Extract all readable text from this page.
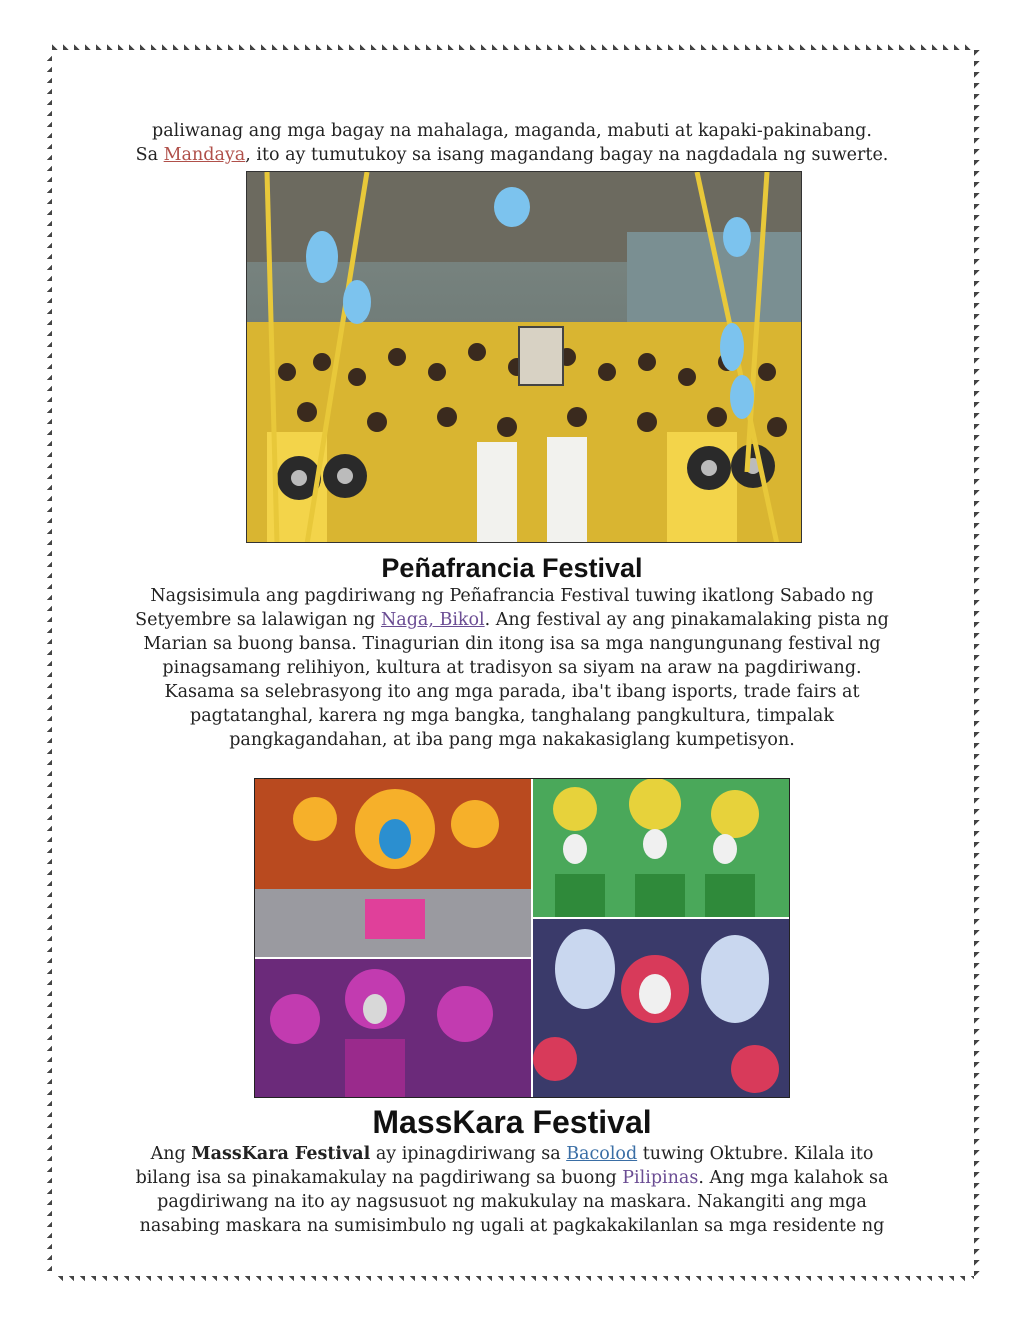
paliwanag ang mga bagay na mahalaga, maganda, mabuti at kapaki-pakinabang.
Sa Mandaya, ito ay tumutukoy sa isang magandang bagay na nagdadala ng suwerte.

Peñafrancia Festival

Nagsisimula ang pagdiriwang ng Peñafrancia Festival tuwing ikatlong Sabado ng
Setyembre sa lalawigan ng Naga, Bikol. Ang festival ay ang pinakamalaking pista ng
Marian sa buong bansa. Tinagurian din itong isa sa mga nangungunang festival ng
pinagsamang relihiyon, kultura at tradisyon sa siyam na araw na pagdiriwang.
Kasama sa selebrasyong ito ang mga parada, iba't ibang isports, trade fairs at
pagtatanghal, karera ng mga bangka, tanghalang pangkultura, timpalak
pangkagandahan, at iba pang mga nakakasiglang kumpetisyon.

MassKara Festival

Ang MassKara Festival ay ipinagdiriwang sa Bacolod tuwing Oktubre. Kilala ito
bilang isa sa pinakamakulay na pagdiriwang sa buong Pilipinas. Ang mga kalahok sa
pagdiriwang na ito ay nagsusuot ng makukulay na maskara. Nakangiti ang mga
nasabing maskara na sumisimbulo ng ugali at pagkakakilanlan sa mga residente ng
